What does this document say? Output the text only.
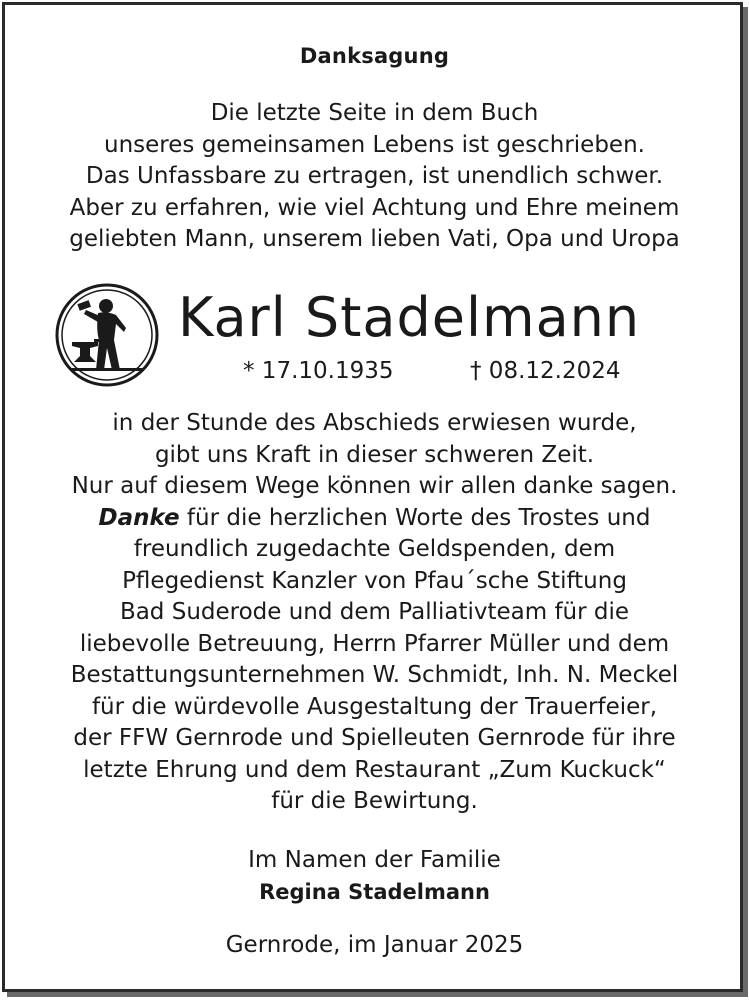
Danksagung
Die letzte Seite in dem Buch
unseres gemeinsamen Lebens ist geschrieben.
Das Unfassbare zu ertragen, ist unendlich schwer.
Aber zu erfahren, wie viel Achtung und Ehre meinem
geliebten Mann, unserem lieben Vati, Opa und Uropa
Karl Stadelmann
* 17.10.1935	† 08.12.2024
in der Stunde des Abschieds erwiesen wurde,
gibt uns Kraft in dieser schweren Zeit.
Nur auf diesem Wege können wir allen danke sagen.
Danke für die herzlichen Worte des Trostes und
freundlich zugedachte Geldspenden, dem
Pflegedienst Kanzler von Pfau´sche Stiftung
Bad Suderode und dem Palliativteam für die
liebevolle Betreuung, Herrn Pfarrer Müller und dem
Bestattungsunternehmen W. Schmidt, Inh. N. Meckel
für die würdevolle Ausgestaltung der Trauerfeier,
der FFW Gernrode und Spielleuten Gernrode für ihre
letzte Ehrung und dem Restaurant „Zum Kuckuck“
für die Bewirtung.
Im Namen der Familie
Regina Stadelmann
Gernrode, im Januar 2025
